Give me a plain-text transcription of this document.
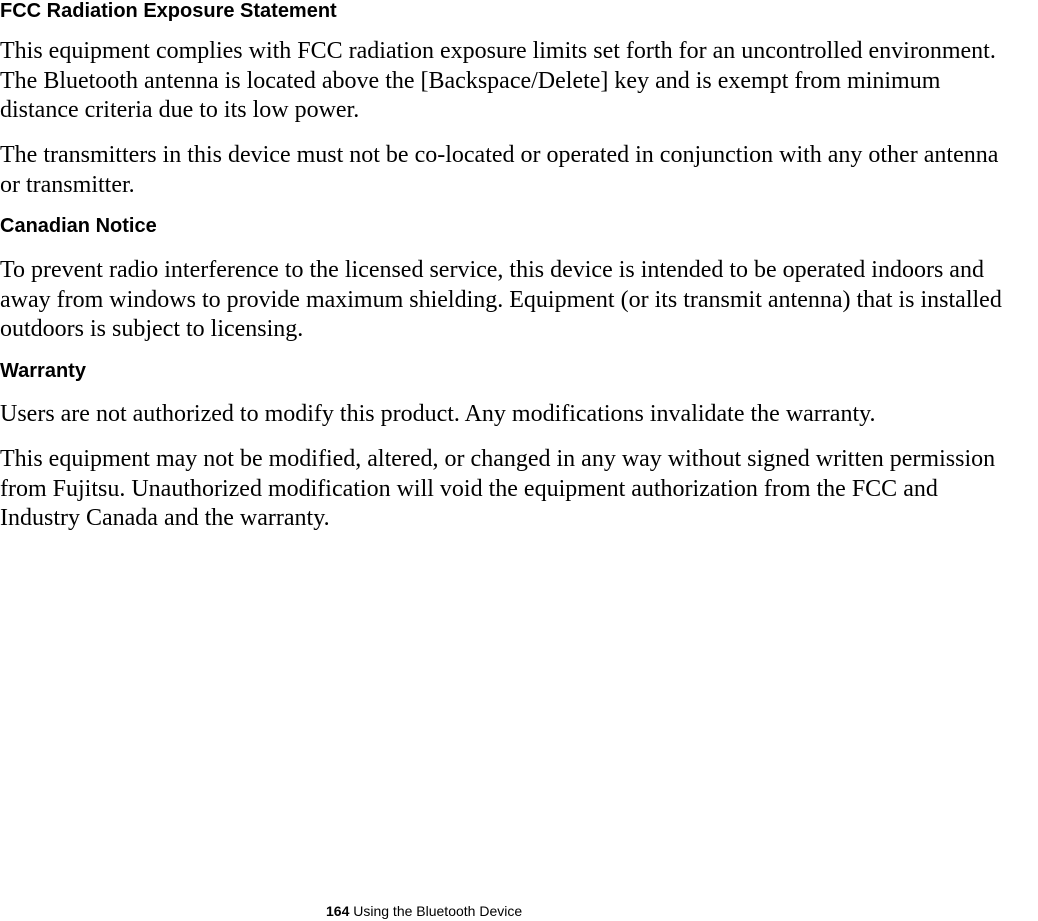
FCC Radiation Exposure Statement

This equipment complies with FCC radiation exposure limits set forth for an uncontrolled environment.
The Bluetooth antenna is located above the [Backspace/Delete] key and is exempt from minimum
distance criteria due to its low power.

The transmitters in this device must not be co-located or operated in conjunction with any other antenna
or transmitter.

Canadian Notice

To prevent radio interference to the licensed service, this device is intended to be operated indoors and
away from windows to provide maximum shielding. Equipment (or its transmit antenna) that is installed
outdoors is subject to licensing.

Warranty

Users are not authorized to modify this product. Any modifications invalidate the warranty.

This equipment may not be modified, altered, or changed in any way without signed written permission
from Fujitsu. Unauthorized modification will void the equipment authorization from the FCC and
Industry Canada and the warranty.

164 Using the Bluetooth Device
